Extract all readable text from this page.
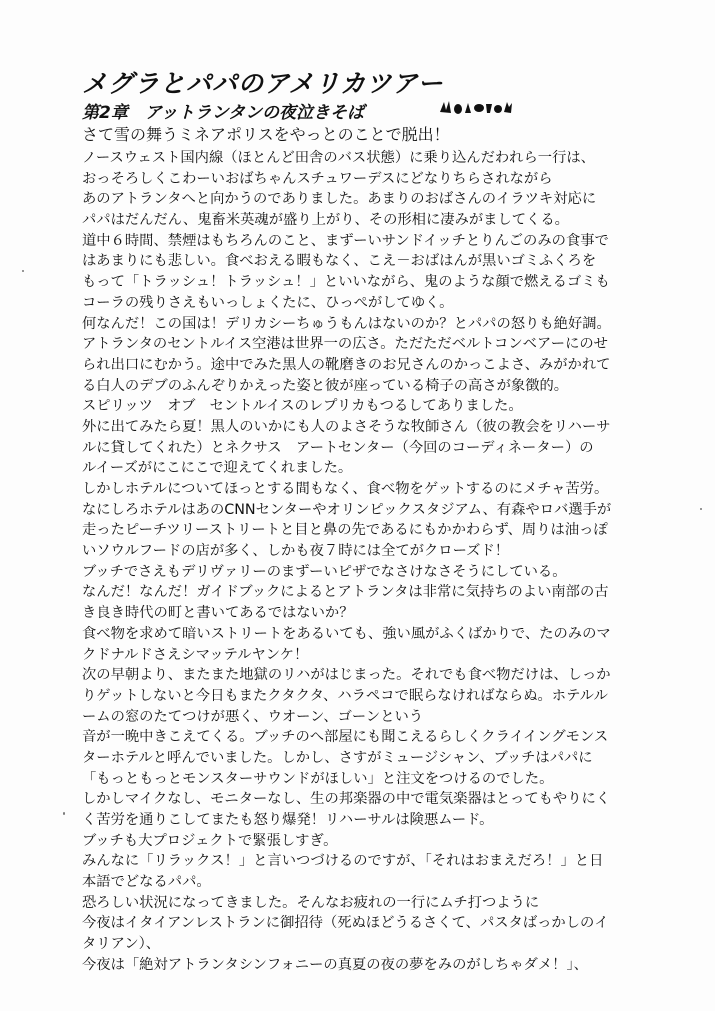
メグラとパパのアメリカツアー
第2章　アットランタンの夜泣きそば
さて雪の舞うミネアポリスをやっとのことで脱出！
ノースウェスト国内線（ほとんど田舎のバス状態）に乗り込んだわれら一行は、
おっそろしくこわーいおばちゃんスチュワーデスにどなりちらされながら
あのアトランタへと向かうのでありました。あまりのおばさんのイラツキ対応に
パパはだんだん、鬼畜米英魂が盛り上がり、その形相に凄みがましてくる。
道中６時間、禁煙はもちろんのこと、まずーいサンドイッチとりんごのみの食事で
はあまりにも悲しい。食べおえる暇もなく、こえ－おばはんが黒いゴミふくろを
もって「トラッシュ！トラッシュ！」といいながら、鬼のような顔で燃えるゴミも
コーラの残りさえもいっしょくたに、ひっぺがしてゆく。
何なんだ！この国は！デリカシーちゅうもんはないのか？とパパの怒りも絶好調。
アトランタのセントルイス空港は世界一の広さ。ただただベルトコンベアーにのせ
られ出口にむかう。途中でみた黒人の靴磨きのお兄さんのかっこよさ、みがかれて
る白人のデブのふんぞりかえった姿と彼が座っている椅子の高さが象徴的。
スピリッツ　オブ　セントルイスのレプリカもつるしてありました。
外に出てみたら夏！黒人のいかにも人のよさそうな牧師さん（彼の教会をリハーサ
ルに貸してくれた）とネクサス　アートセンター（今回のコーディネーター）の
ルイーズがにこにこで迎えてくれました。
しかしホテルについてほっとする間もなく、食べ物をゲットするのにメチャ苦労。
なにしろホテルはあのCNNセンターやオリンピックスタジアム、有森やロバ選手が
走ったピーチツリーストリートと目と鼻の先であるにもかかわらず、周りは油っぽ
いソウルフードの店が多く、しかも夜７時には全てがクローズド！
ブッチでさえもデリヴァリーのまずーいピザでなさけなさそうにしている。
なんだ！なんだ！ガイドブックによるとアトランタは非常に気持ちのよい南部の古
き良き時代の町と書いてあるではないか？
食べ物を求めて暗いストリートをあるいても、強い風がふくばかりで、たのみのマ
クドナルドさえシマッテルヤンケ！
次の早朝より、またまた地獄のリハがはじまった。それでも食べ物だけは、しっか
りゲットしないと今日もまたクタクタ、ハラペコで眠らなければならぬ。ホテルル
ームの窓のたてつけが悪く、ウオーン、ゴーンという
音が一晩中きこえてくる。ブッチのへ部屋にも聞こえるらしくクライイングモンス
ターホテルと呼んでいました。しかし、さすがミュージシャン、ブッチはパパに
「もっともっとモンスターサウンドがほしい」と注文をつけるのでした。
しかしマイクなし、モニターなし、生の邦楽器の中で電気楽器はとってもやりにく
く苦労を通りこしてまたも怒り爆発！リハーサルは険悪ムード。
ブッチも大プロジェクトで緊張しすぎ。
みんなに「リラックス！」と言いつづけるのですが、「それはおまえだろ！」と日
本語でどなるパパ。
恐ろしい状況になってきました。そんなお疲れの一行にムチ打つように
今夜はイタイアンレストランに御招待（死ぬほどうるさくて、パスタばっかしのイ
タリアン）、
今夜は「絶対アトランタシンフォニーの真夏の夜の夢をみのがしちゃダメ！」、
